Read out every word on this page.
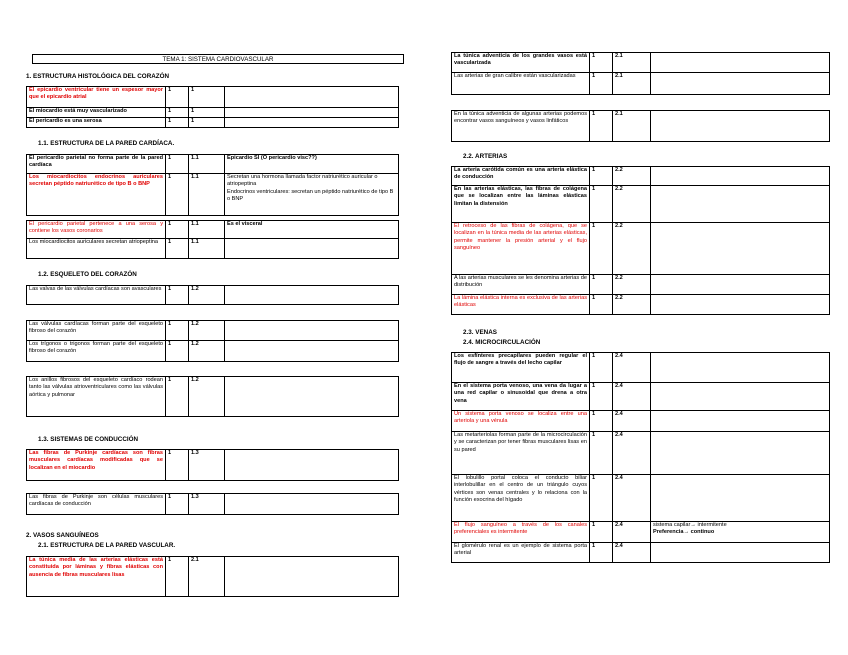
TEMA 1: SISTEMA CARDIOVASCULAR
1. ESTRUCTURA HISTOLÓGICA DEL CORAZÓN
El epicardio ventricular tiene un espesor mayor que el epicardio atrial	1	1	
El miocardio está muy vascularizado	1	1	
El pericardio es una serosa	1	1	
1.1. ESTRUCTURA DE LA PARED CARDÍACA.
El pericardio parietal no forma parte de la pared cardíaca	1	1.1	Epicardio SÍ (O pericardio visc??)
Los miocardiocitos endocrinos auriculares secretan péptido natriurético de tipo B o BNP	1	1.1	Secretan una hormona llamada factor natriurético auricular o atriopeptina
Endocrinos ventriculares: secretan un péptido natriurético de tipo B o BNP
El pericardio parietal pertenece a una serosa y contiene los vasos coronarios	1	1.1	Es el visceral
Los miocardiocitos auriculares secretan atriopeptina	1	1.1	
1.2. ESQUELETO DEL CORAZÓN
Las valvas de las válvulas cardíacas son avasculares	1	1.2	
Las válvulas cardíacas forman parte del esqueleto fibroso del corazón	1	1.2	
Los trígonos o trigonos forman parte del esqueleto fibroso del corazón	1	1.2	
Los anillos fibrosos del esqueleto cardíaco rodean tanto las válvulas atrioventriculares como las válvulas aórtica y pulmonar	1	1.2	
1.3. SISTEMAS DE CONDUCCIÓN
Las fibras de Purkinje cardíacas son fibras musculares cardíacas modificadas que se localizan en el miocardio	1	1.3	
Las fibras de Purkinje son células musculares cardíacas de conducción	1	1.3	
2. VASOS SANGUÍNEOS
2.1. ESTRUCTURA DE LA PARED VASCULAR.
La túnica media de las arterias elásticas está constituida por láminas y fibras elásticas con ausencia de fibras musculares lisas	1	2.1	
La túnica adventicia de los grandes vasos está vascularizada	1	2.1	
Las arterias de gran calibre están vascularizadas	1	2.1	
En la túnica adventicia de algunas arterias podemos encontrar vasos sanguíneos y vasos linfáticos	1	2.1	
2.2. ARTERIAS
La arteria carótida común es una arteria elástica de conducción	1	2.2	
En las arterias elásticas, las fibras de colágena que se localizan entre las láminas elásticas limitan la distensión	1	2.2	
El retroceso de las fibras de colágena, que se localizan en la túnica media de las arterias elásticas, permite mantener la presión arterial y el flujo sanguíneo	1	2.2	
A las arterias musculares se les denomina arterias de distribución	1	2.2	
La lámina elástica interna es exclusiva de las arterias elásticas	1	2.2	
2.3. VENAS
2.4. MICROCIRCULACIÓN
Los esfínteres precapilares pueden regular el flujo de sangre a través del lecho capilar	1	2.4	
En el sistema porta venoso, una vena da lugar a una red capilar o sinusoidal que drena a otra vena	1	2.4	
Un sistema porta venoso se localiza entre una arteriola y una vénula	1	2.4	
Las metarteriolas forman parte de la microcirculación y se caracterizan por tener fibras musculares lisas en su pared	1	2.4	
El lobulillo portal coloca el conducto biliar interlobulillar en el centro de un triángulo cuyos vértices son venas centrales y lo relaciona con la función exocrina del hígado	1	2.4	
El flujo sanguíneo a través de los canales preferenciales es intermitente	1	2.4	sistema capilar→ intermitente
Preferencia→ continuo

El glomérulo renal es un ejemplo de sistema porta arterial	1	2.4	
